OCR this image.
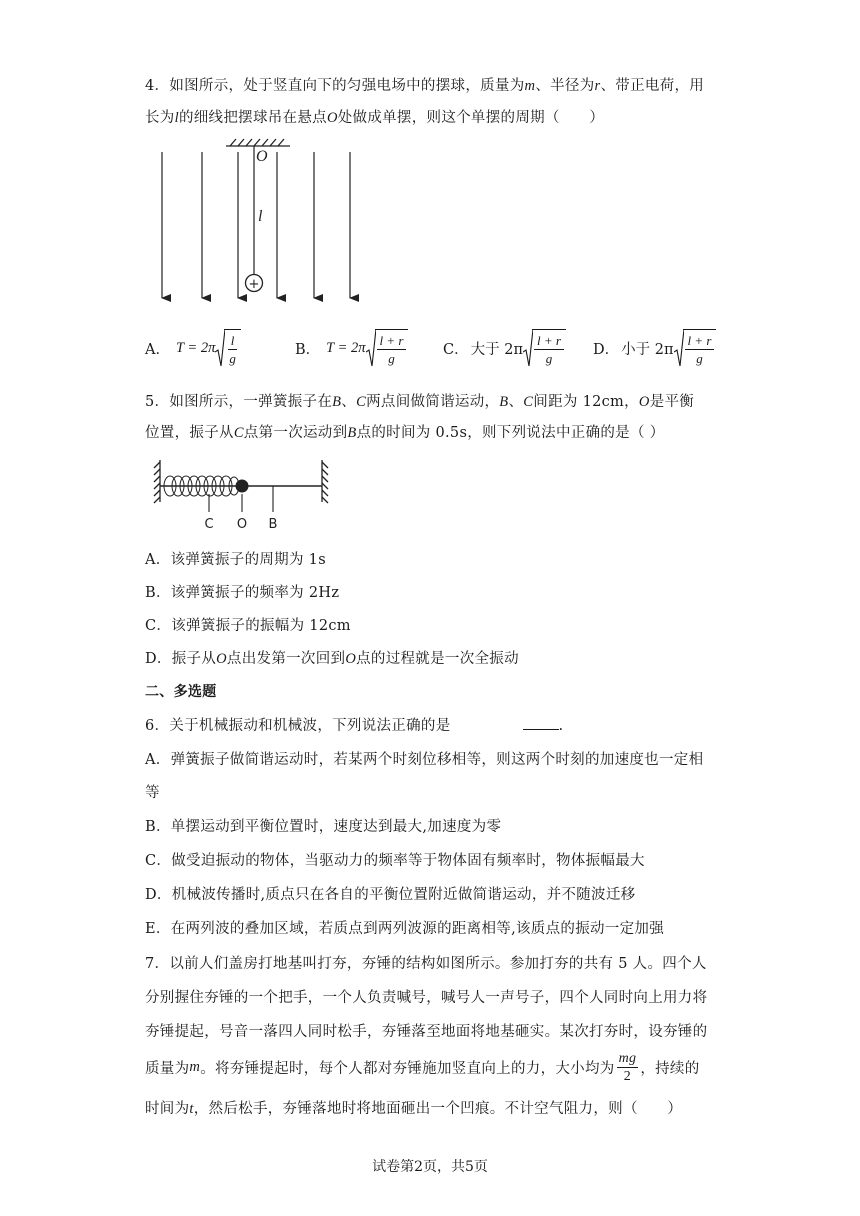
4．如图所示，处于竖直向下的匀强电场中的摆球，质量为m、半径为r、带正电荷，用
长为l的细线把摆球吊在悬点O处做成单摆，则这个单摆的周期（　　）
O
l
+
A． $T = 2\pi \frac{l}{g}$	B． $T = 2\pi \frac{l + r}{g}$	C． 大于 $2\pi \frac{l + r}{g}$ D． 小于 $2\pi \frac{l + r}{g}$
5．如图所示，一弹簧振子在B、C两点间做简谐运动，B、C间距为 12cm，O是平衡
位置，振子从C点第一次运动到B点的时间为 0.5s，则下列说法中正确的是（ ）
C O B
A．该弹簧振子的周期为 1s
B．该弹簧振子的频率为 2Hz
C．该弹簧振子的振幅为 12cm
D．振子从O点出发第一次回到O点的过程就是一次全振动
二、多选题
6．关于机械振动和机械波，下列说法正确的是	.
A．弹簧振子做简谐运动时，若某两个时刻位移相等，则这两个时刻的加速度也一定相
等
B．单摆运动到平衡位置时，速度达到最大,加速度为零
C．做受迫振动的物体，当驱动力的频率等于物体固有频率时，物体振幅最大
D．机械波传播时,质点只在各自的平衡位置附近做简谐运动，并不随波迁移
E．在两列波的叠加区域，若质点到两列波源的距离相等,该质点的振动一定加强
7．以前人们盖房打地基叫打夯，夯锤的结构如图所示。参加打夯的共有 5 人。四个人
分别握住夯锤的一个把手，一个人负责喊号，喊号人一声号子，四个人同时向上用力将
夯锤提起，号音一落四人同时松手，夯锤落至地面将地基砸实。某次打夯时，设夯锤的
质量为 m 。将夯锤提起时，每个人都对夯锤施加竖直向上的力，大小均为
mg
2 ，持续的
时间为t，然后松手，夯锤落地时将地面砸出一个凹痕。不计空气阻力，则（　　）
试卷第2页，共5页
